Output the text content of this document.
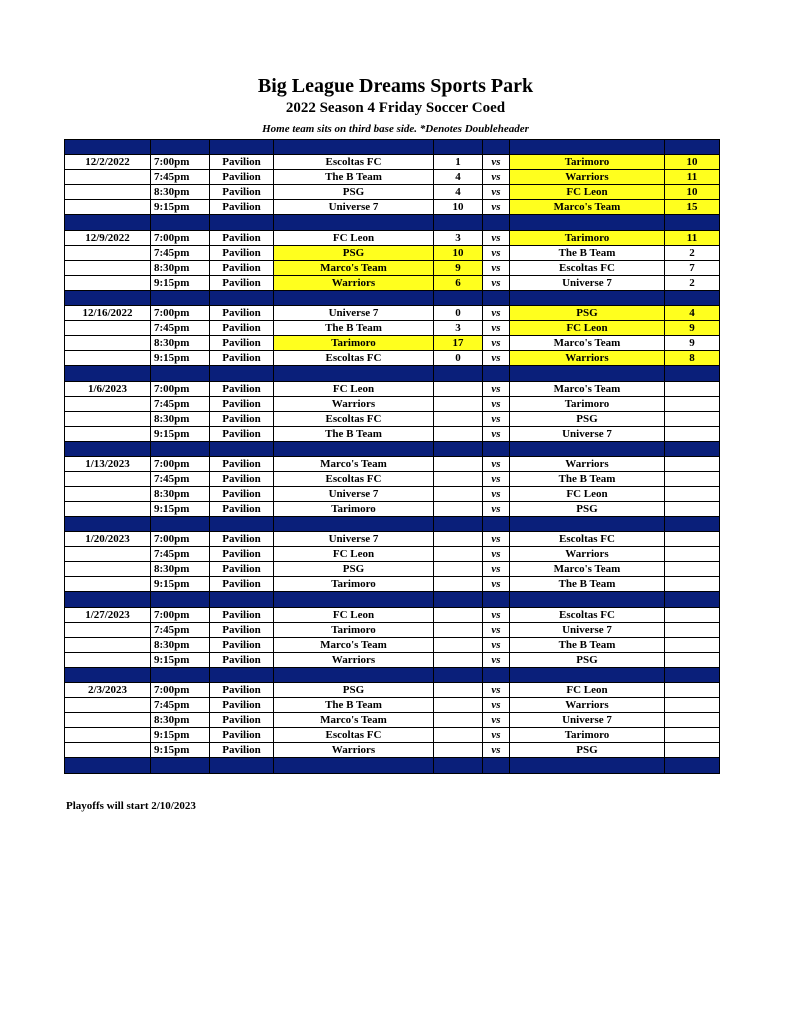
Big League Dreams Sports Park
2022 Season 4 Friday Soccer Coed

Home team sits on third base side. *Denotes Doubleheader

12/2/2022	7:00pm	Pavilion	Escoltas FC	1	vs	Tarimoro	10
	7:45pm	Pavilion	The B Team	4	vs	Warriors	11
	8:30pm	Pavilion	PSG	4	vs	FC Leon	10
	9:15pm	Pavilion	Universe 7	10	vs	Marco's Team	15

12/9/2022	7:00pm	Pavilion	FC Leon	3	vs	Tarimoro	11
	7:45pm	Pavilion	PSG	10	vs	The B Team	2
	8:30pm	Pavilion	Marco's Team	9	vs	Escoltas FC	7
	9:15pm	Pavilion	Warriors	6	vs	Universe 7	2

12/16/2022	7:00pm	Pavilion	Universe 7	0	vs	PSG	4
	7:45pm	Pavilion	The B Team	3	vs	FC Leon	9
	8:30pm	Pavilion	Tarimoro	17	vs	Marco's Team	9
	9:15pm	Pavilion	Escoltas FC	0	vs	Warriors	8

1/6/2023	7:00pm	Pavilion	FC Leon		vs	Marco's Team	
	7:45pm	Pavilion	Warriors		vs	Tarimoro	
	8:30pm	Pavilion	Escoltas FC		vs	PSG	
	9:15pm	Pavilion	The B Team		vs	Universe 7	

1/13/2023	7:00pm	Pavilion	Marco's Team		vs	Warriors	
	7:45pm	Pavilion	Escoltas FC		vs	The B Team	
	8:30pm	Pavilion	Universe 7		vs	FC Leon	
	9:15pm	Pavilion	Tarimoro		vs	PSG	

1/20/2023	7:00pm	Pavilion	Universe 7		vs	Escoltas FC	
	7:45pm	Pavilion	FC Leon		vs	Warriors	
	8:30pm	Pavilion	PSG		vs	Marco's Team	
	9:15pm	Pavilion	Tarimoro		vs	The B Team	

1/27/2023	7:00pm	Pavilion	FC Leon		vs	Escoltas FC	
	7:45pm	Pavilion	Tarimoro		vs	Universe 7	
	8:30pm	Pavilion	Marco's Team		vs	The B Team	
	9:15pm	Pavilion	Warriors		vs	PSG	

2/3/2023	7:00pm	Pavilion	PSG		vs	FC Leon	
	7:45pm	Pavilion	The B Team		vs	Warriors	
	8:30pm	Pavilion	Marco's Team		vs	Universe 7	
	9:15pm	Pavilion	Escoltas FC		vs	Tarimoro	
	9:15pm	Pavilion	Warriors		vs	PSG	

Playoffs will start 2/10/2023
